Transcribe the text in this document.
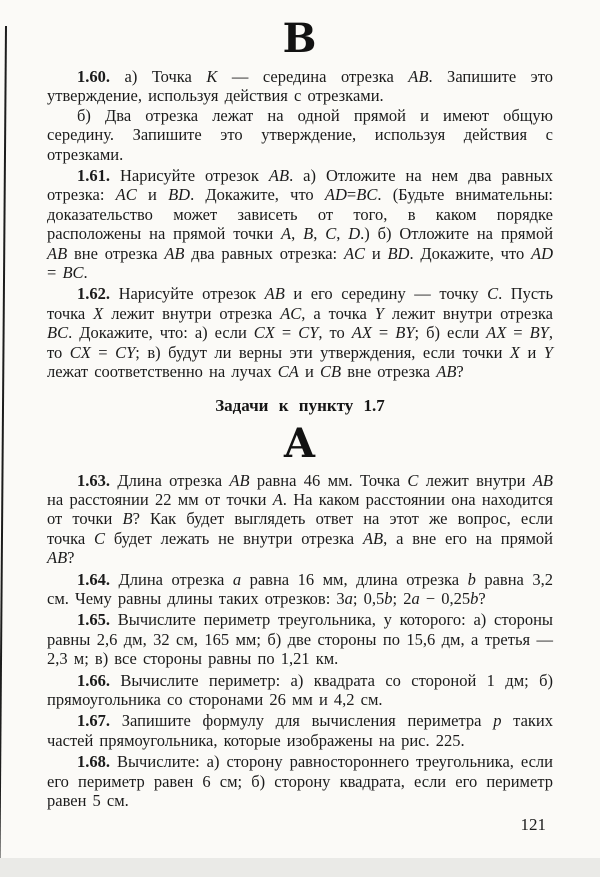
В

1.60. а) Точка K — середина отрезка AB. Запишите это утверждение, используя действия с отрезками.

б) Два отрезка лежат на одной прямой и имеют общую середину. Запишите это утверждение, используя действия с отрезками.

1.61. Нарисуйте отрезок AB. а) Отложите на нем два равных отрезка: AC и BD. Докажите, что AD=BC. (Будьте внимательны: доказательство может зависеть от того, в каком порядке расположены на прямой точки A, B, C, D.) б) Отложите на прямой AB вне отрезка AB два равных отрезка: AC и BD. Докажите, что AD = BC.

1.62. Нарисуйте отрезок AB и его середину — точку C. Пусть точка X лежит внутри отрезка AC, а точка Y лежит внутри отрезка BC. Докажите, что: а) если CX = CY, то AX = BY; б) если AX = BY, то CX = CY; в) будут ли верны эти утверждения, если точки X и Y лежат соответственно на лучах CA и CB вне отрезка AB?

Задачи к пункту 1.7
А

1.63. Длина отрезка AB равна 46 мм. Точка C лежит внутри AB на расстоянии 22 мм от точки A. На каком расстоянии она находится от точки B? Как будет выглядеть ответ на этот же вопрос, если точка C будет лежать не внутри отрезка AB, а вне его на прямой AB?

1.64. Длина отрезка a равна 16 мм, длина отрезка b равна 3,2 см. Чему равны длины таких отрезков: 3a; 0,5b; 2a − 0,25b?

1.65. Вычислите периметр треугольника, у которого: а) стороны равны 2,6 дм, 32 см, 165 мм; б) две стороны по 15,6 дм, а третья — 2,3 м; в) все стороны равны по 1,21 км.

1.66. Вычислите периметр: а) квадрата со стороной 1 дм; б) прямоугольника со сторонами 26 мм и 4,2 см.

1.67. Запишите формулу для вычисления периметра p таких частей прямоугольника, которые изображены на рис. 225.

1.68. Вычислите: а) сторону равностороннего треугольника, если его периметр равен 6 см; б) сторону квадрата, если его периметр равен 5 см.

121
